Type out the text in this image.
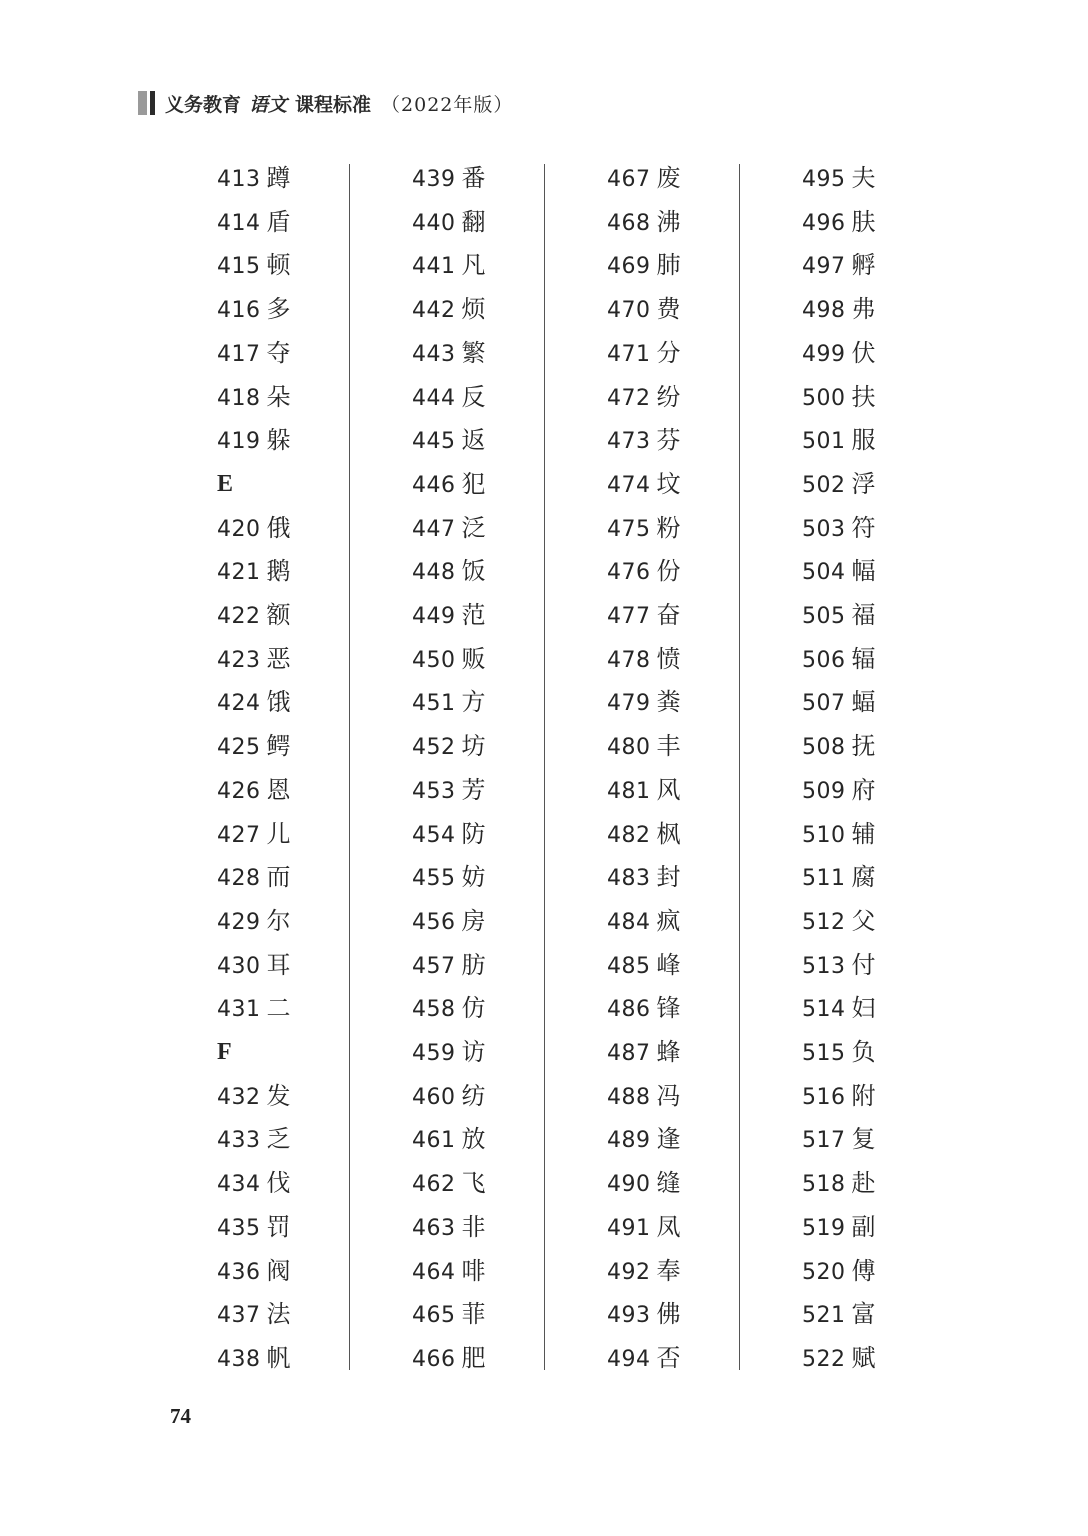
义务教育 语文 课程标准 （2022年版）
413 蹲
414 盾
415 顿
416 多
417 夺
418 朵
419 躲
E
420 俄
421 鹅
422 额
423 恶
424 饿
425 鳄
426 恩
427 儿
428 而
429 尔
430 耳
431 二
F
432 发
433 乏
434 伐
435 罚
436 阀
437 法
438 帆
439 番
440 翻
441 凡
442 烦
443 繁
444 反
445 返
446 犯
447 泛
448 饭
449 范
450 贩
451 方
452 坊
453 芳
454 防
455 妨
456 房
457 肪
458 仿
459 访
460 纺
461 放
462 飞
463 非
464 啡
465 菲
466 肥
467 废
468 沸
469 肺
470 费
471 分
472 纷
473 芬
474 坟
475 粉
476 份
477 奋
478 愤
479 粪
480 丰
481 风
482 枫
483 封
484 疯
485 峰
486 锋
487 蜂
488 冯
489 逢
490 缝
491 凤
492 奉
493 佛
494 否
495 夫
496 肤
497 孵
498 弗
499 伏
500 扶
501 服
502 浮
503 符
504 幅
505 福
506 辐
507 蝠
508 抚
509 府
510 辅
511 腐
512 父
513 付
514 妇
515 负
516 附
517 复
518 赴
519 副
520 傅
521 富
522 赋
74
